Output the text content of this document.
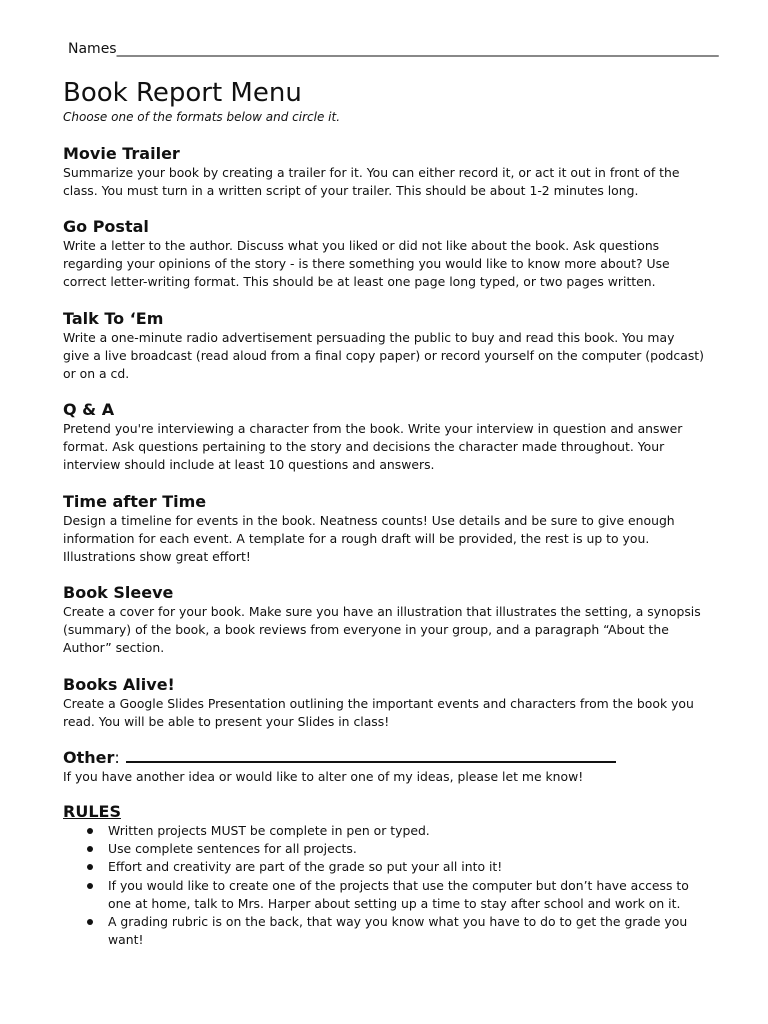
Names______________________________________________________________________________________
Book Report Menu

Choose one of the formats below and circle it.

Movie Trailer

Summarize your book by creating a trailer for it. You can either record it, or act it out in front of the
class. You must turn in a written script of your trailer. This should be about 1-2 minutes long.

Go Postal

Write a letter to the author. Discuss what you liked or did not like about the book. Ask questions
regarding your opinions of the story - is there something you would like to know more about? Use
correct letter-writing format. This should be at least one page long typed, or two pages written.

Talk To ‘Em

Write a one-minute radio advertisement persuading the public to buy and read this book. You may
give a live broadcast (read aloud from a final copy paper) or record yourself on the computer (podcast)
or on a cd.

Q & A

Pretend you're interviewing a character from the book. Write your interview in question and answer
format. Ask questions pertaining to the story and decisions the character made throughout. Your
interview should include at least 10 questions and answers.

Time after Time

Design a timeline for events in the book. Neatness counts! Use details and be sure to give enough
information for each event. A template for a rough draft will be provided, the rest is up to you.
Illustrations show great effort!

Book Sleeve

Create a cover for your book. Make sure you have an illustration that illustrates the setting, a synopsis
(summary) of the book, a book reviews from everyone in your group, and a paragraph “About the
Author” section.

Books Alive!

Create a Google Slides Presentation outlining the important events and characters from the book you
read. You will be able to present your Slides in class!

Other :

If you have another idea or would like to alter one of my ideas, please let me know!

RULES
Written projects MUST be complete in pen or typed.
Use complete sentences for all projects.
Effort and creativity are part of the grade so put your all into it!
If you would like to create one of the projects that use the computer but don’t have access to
one at home, talk to Mrs. Harper about setting up a time to stay after school and work on it.
A grading rubric is on the back, that way you know what you have to do to get the grade you
want!
